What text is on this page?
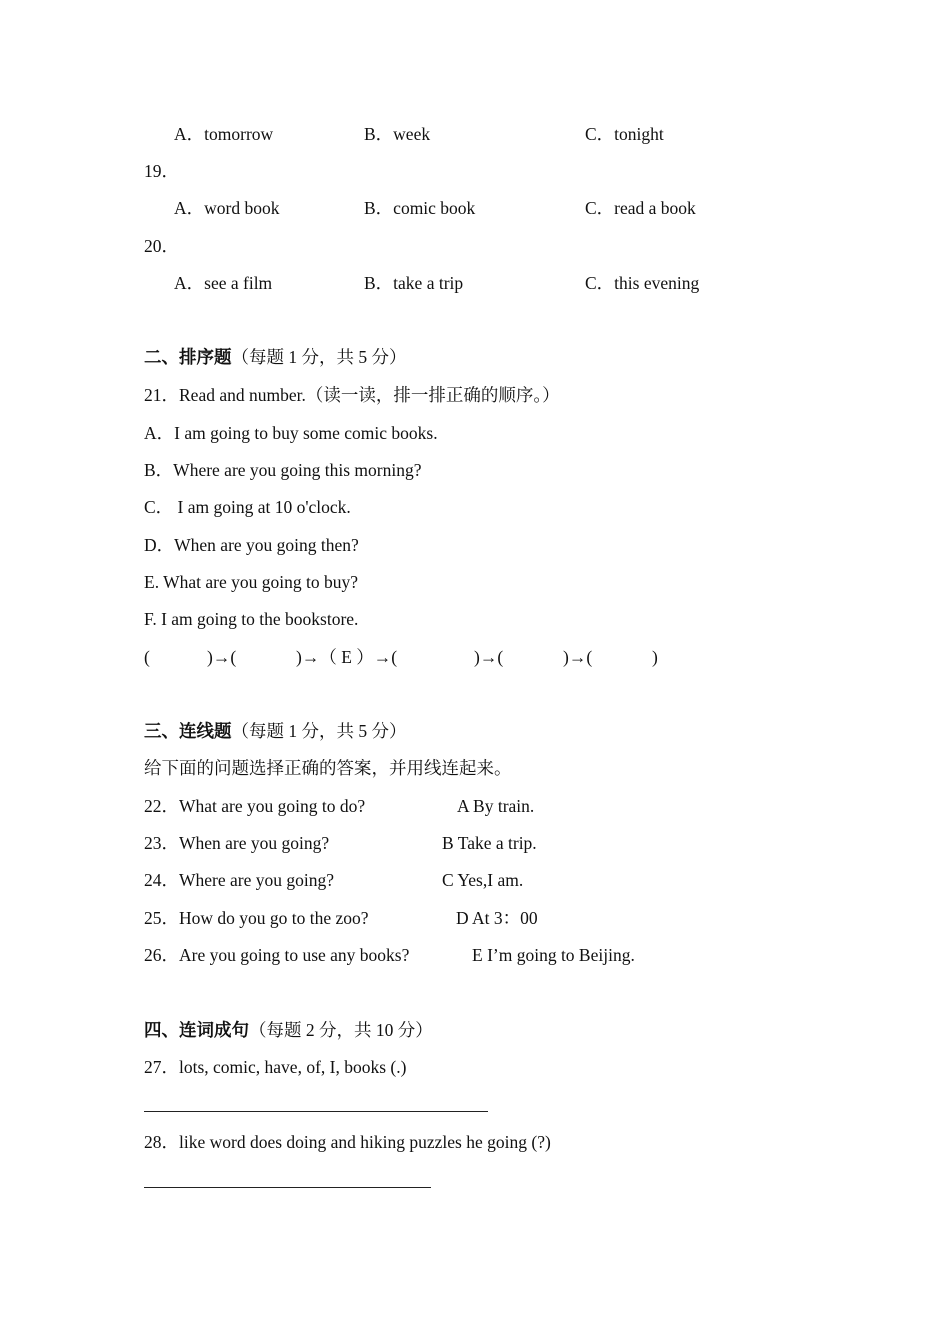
A．tomorrow	B．week	C．tonight
19．
A．word book	B．comic book	C．read a book
20．
A．see a film	B．take a trip	C．this evening
二、排序题（每题 1 分，共 5 分）
21．Read and number.（读一读，排一排正确的顺序。）
A．I am going to buy some comic books.
B．Where are you going this morning?
C． I am going at 10 o'clock.
D．When are you going then?
E. What are you going to buy?
F. I am going to the bookstore.
(	)→(	)→（ E ）→(	)→(	)→(	)
三、连线题（每题 1 分，共 5 分）
给下面的问题选择正确的答案，并用线连起来。
22．What are you going to do?	A By train.
23．When are you going?	B Take a trip.
24．Where are you going?	C Yes,I am.
25．How do you go to the zoo?	D At 3：00
26．Are you going to use any books?	E I’m going to Beijing.
四、连词成句（每题 2 分，共 10 分）
27．lots, comic, have, of, I, books (.)
28．like word does doing and hiking puzzles he going (?)
